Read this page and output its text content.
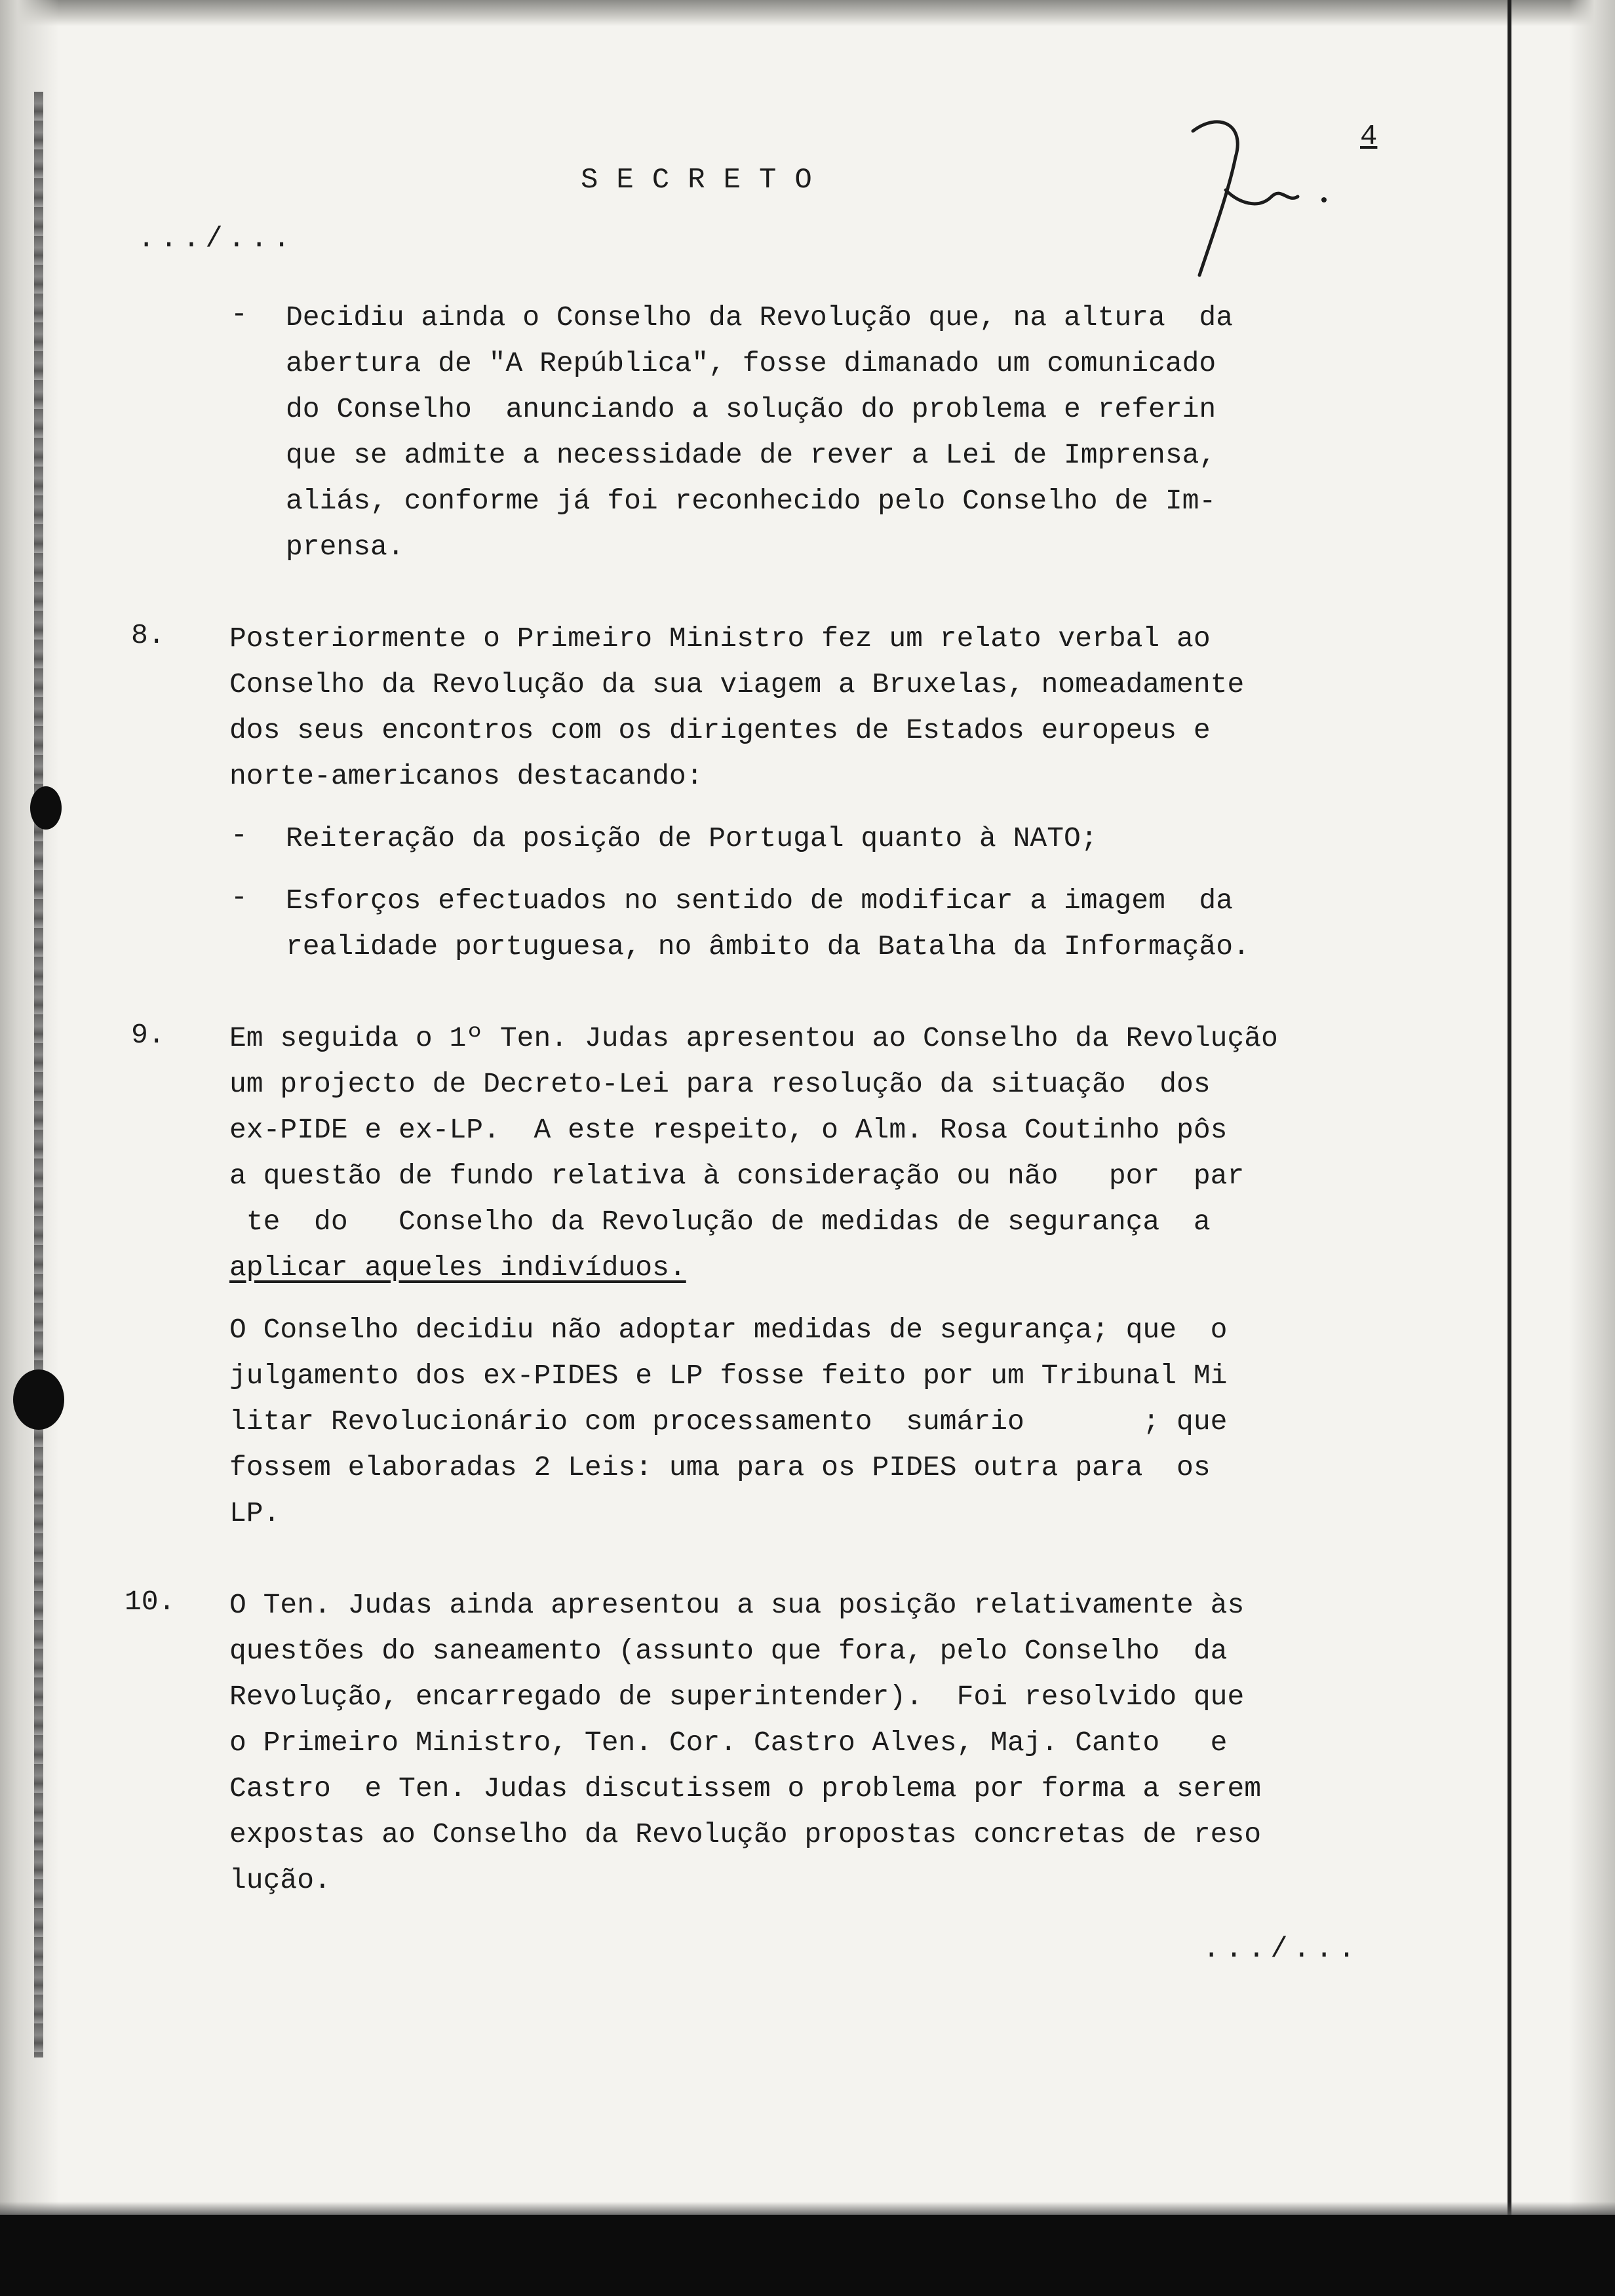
SECRETO
4
.../...
- Decidiu ainda o Conselho da Revolução que, na altura  da
abertura de "A República", fosse dimanado um comunicado
do Conselho  anunciando a solução do problema e referin
que se admite a necessidade de rever a Lei de Imprensa,
aliás, conforme já foi reconhecido pelo Conselho de Im-
prensa.
8. Posteriormente o Primeiro Ministro fez um relato verbal ao
Conselho da Revolução da sua viagem a Bruxelas, nomeadamente
dos seus encontros com os dirigentes de Estados europeus e
norte-americanos destacando:
- Reiteração da posição de Portugal quanto à NATO;
- Esforços efectuados no sentido de modificar a imagem  da
realidade portuguesa, no âmbito da Batalha da Informação.
9. Em seguida o 1º Ten. Judas apresentou ao Conselho da Revolução
um projecto de Decreto-Lei para resolução da situação  dos
ex-PIDE e ex-LP.  A este respeito, o Alm. Rosa Coutinho pôs
a questão de fundo relativa à consideração ou não   por  par
te  do   Conselho da Revolução de medidas de segurança  a
aplicar aqueles indivíduos.
O Conselho decidiu não adoptar medidas de segurança; que  o
julgamento dos ex-PIDES e LP fosse feito por um Tribunal Mi
litar Revolucionário com processamento  sumário       ; que
fossem elaboradas 2 Leis: uma para os PIDES outra para  os
LP.
10. O Ten. Judas ainda apresentou a sua posição relativamente às
questões do saneamento (assunto que fora, pelo Conselho  da
Revolução, encarregado de superintender).  Foi resolvido que
o Primeiro Ministro, Ten. Cor. Castro Alves, Maj. Canto   e
Castro  e Ten. Judas discutissem o problema por forma a serem
expostas ao Conselho da Revolução propostas concretas de reso
lução.
.../...
